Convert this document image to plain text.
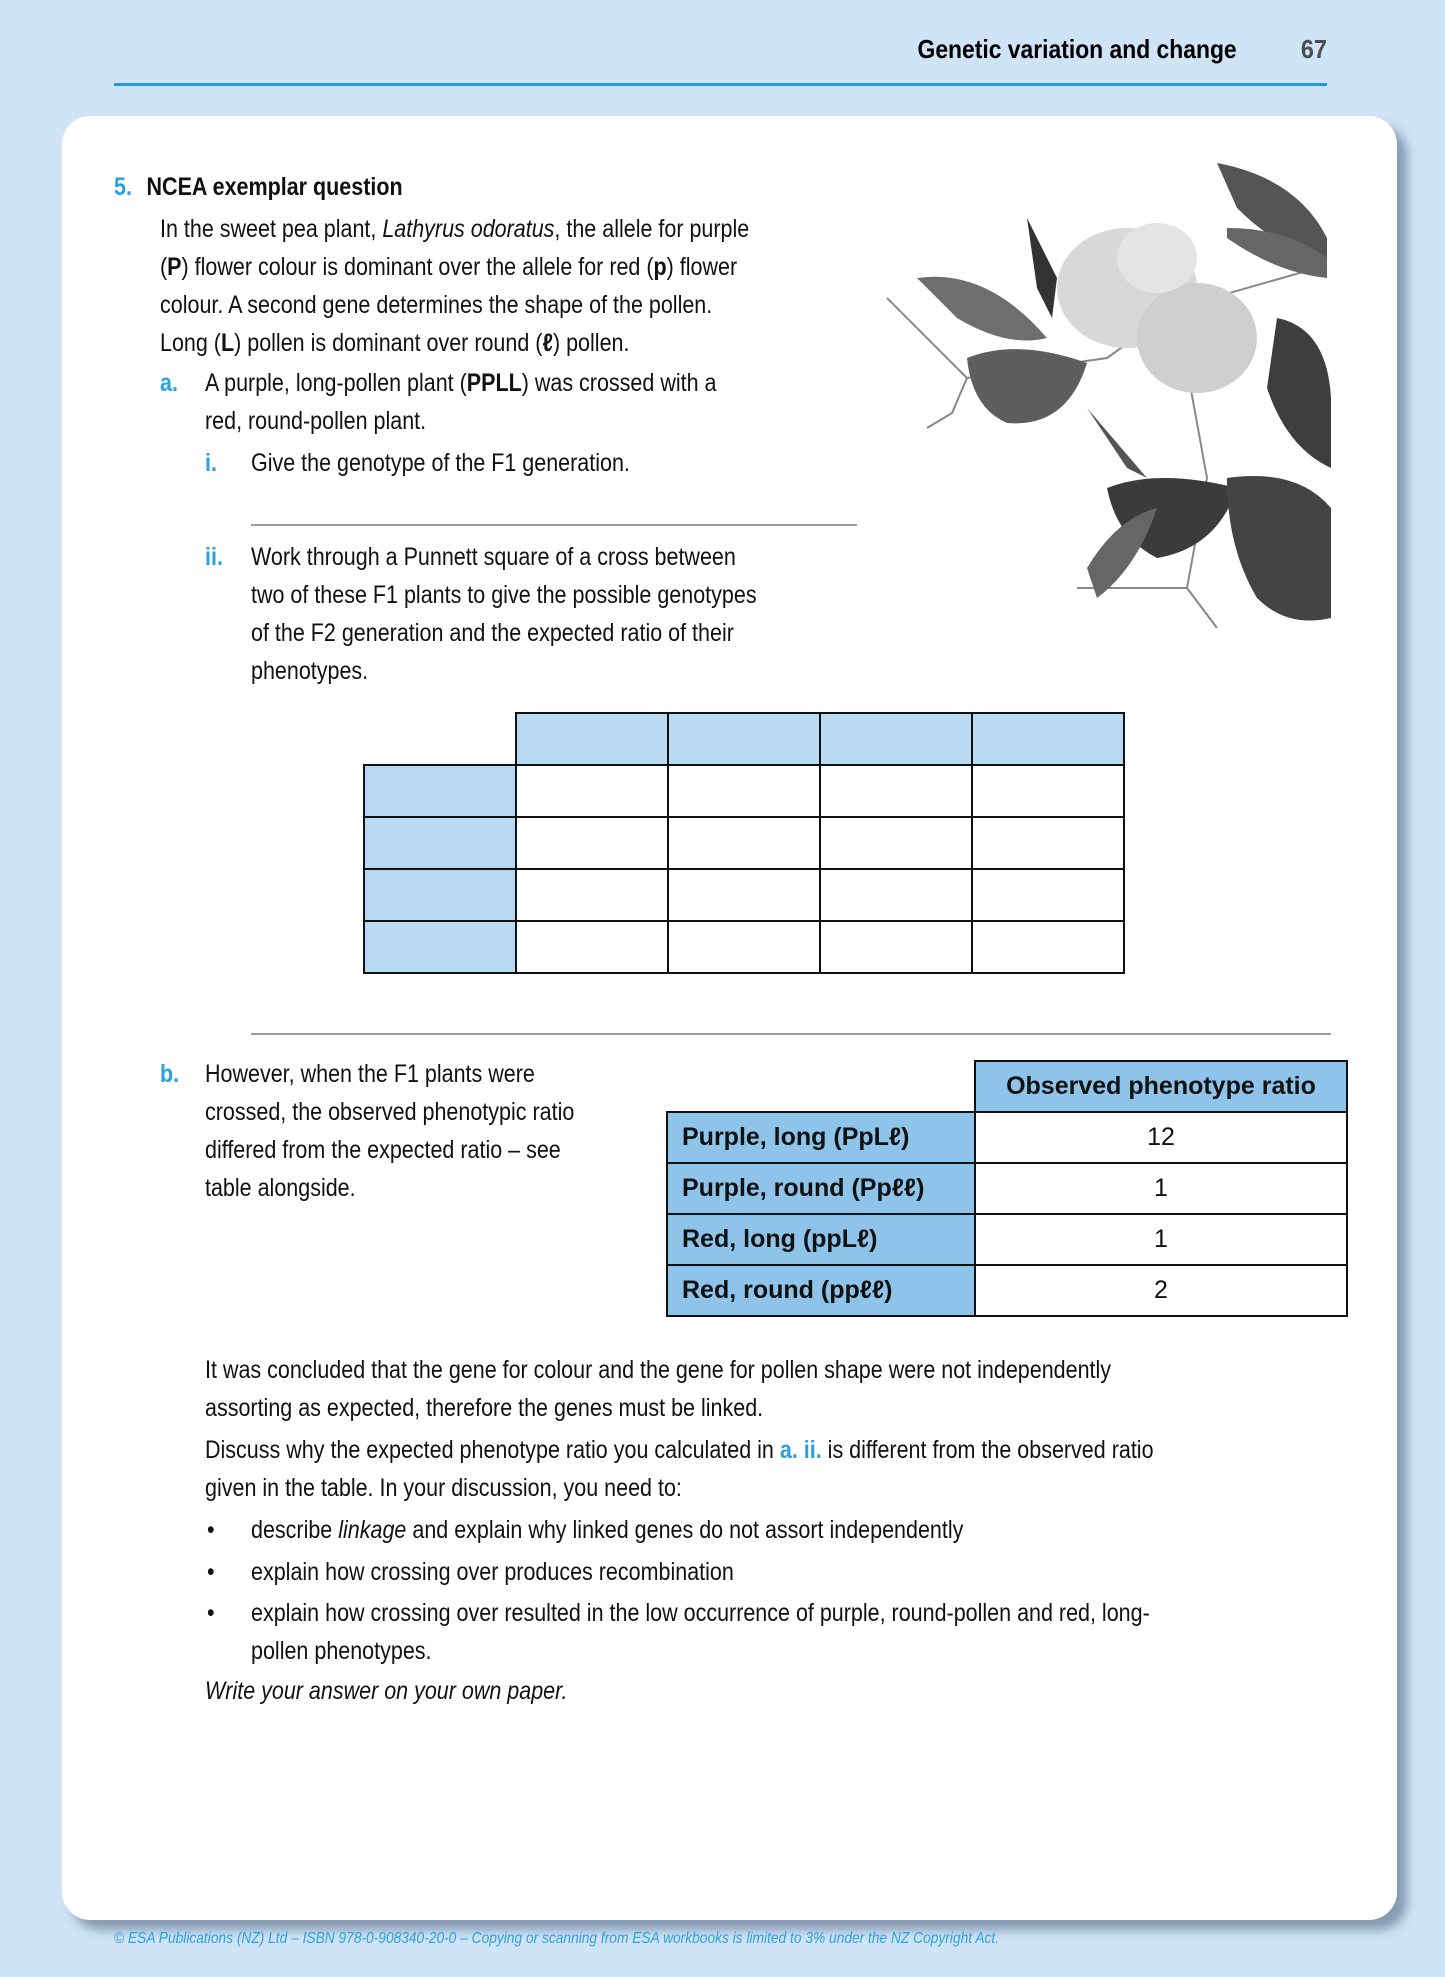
Genetic variation and change 67
5. NCEA exemplar question
In the sweet pea plant, Lathyrus odoratus, the allele for purple
(P) flower colour is dominant over the allele for red (p) flower
colour. A second gene determines the shape of the pollen.
Long (L) pollen is dominant over round (ℓ) pollen.
a. A purple, long-pollen plant (PPLL) was crossed with a
red, round-pollen plant.
i. Give the genotype of the F1 generation.
ii. Work through a Punnett square of a cross between
two of these F1 plants to give the possible genotypes
of the F2 generation and the expected ratio of their
phenotypes.

b. However, when the F1 plants were
crossed, the observed phenotypic ratio
differed from the expected ratio – see
table alongside.
	Observed phenotype ratio
Purple, long (PpLℓ)	12
Purple, round (Ppℓℓ)	1
Red, long (ppLℓ)	1
Red, round (ppℓℓ)	2
It was concluded that the gene for colour and the gene for pollen shape were not independently
assorting as expected, therefore the genes must be linked.
Discuss why the expected phenotype ratio you calculated in a. ii. is different from the observed ratio
given in the table. In your discussion, you need to:
• describe linkage and explain why linked genes do not assort independently
• explain how crossing over produces recombination
• explain how crossing over resulted in the low occurrence of purple, round-pollen and red, long-
pollen phenotypes.
Write your answer on your own paper.
© ESA Publications (NZ) Ltd – ISBN 978-0-908340-20-0 – Copying or scanning from ESA workbooks is limited to 3% under the NZ Copyright Act.
